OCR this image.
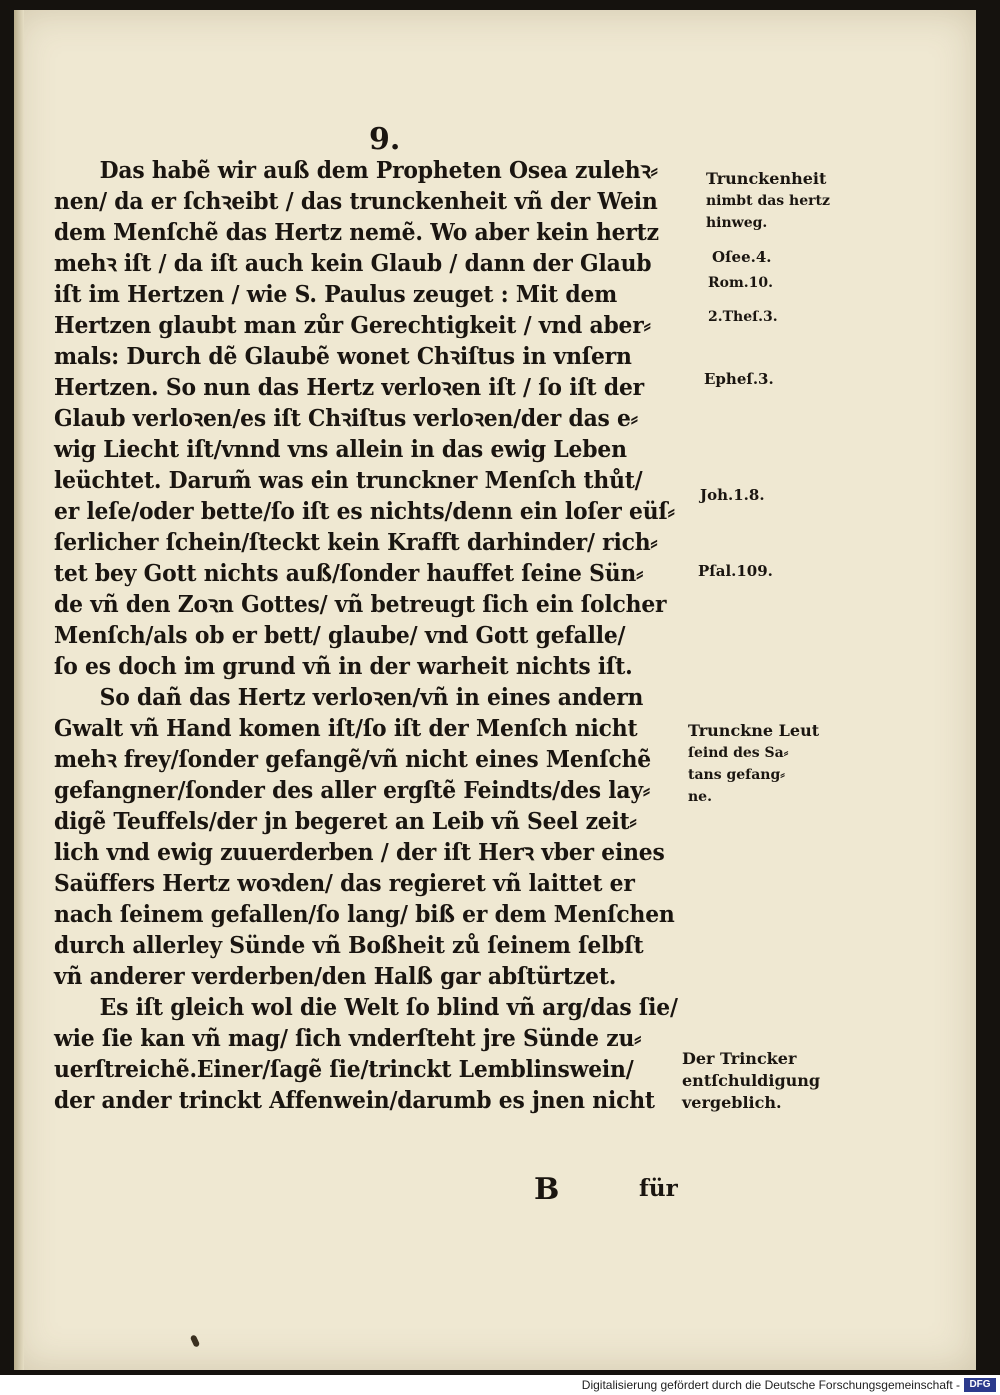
9.
Das habẽ wir auß dem Propheten Osea zulehꝛ⸗
nen/ da er ſchꝛeibt / das trunckenheit vñ der Wein
dem Menſchẽ das Hertz nemẽ. Wo aber kein hertz
mehꝛ iſt / da iſt auch kein Glaub / dann der Glaub
iſt im Hertzen / wie S. Paulus zeuget : Mit dem
Hertzen glaubt man zůr Gerechtigkeit / vnd aber⸗
mals: Durch dẽ Glaubẽ wonet Chꝛiſtus in vnſern
Hertzen. So nun das Hertz verloꝛen iſt / ſo iſt der
Glaub verloꝛen/es iſt Chꝛiſtus verloꝛen/der das e⸗
wig Liecht iſt/vnnd vns allein in das ewig Leben
leüchtet. Darum̃ was ein trunckner Menſch thůt/
er leſe/oder bette/ſo iſt es nichts/denn ein loſer eüſ⸗
ſerlicher ſchein/ſteckt kein Krafft darhinder/ rich⸗
tet bey Gott nichts auß/ſonder hauffet ſeine Sün⸗
de vñ den Zoꝛn Gottes/ vñ betreugt ſich ein ſolcher
Menſch/als ob er bett/ glaube/ vnd Gott gefalle/
ſo es doch im grund vñ in der warheit nichts iſt.
So dañ das Hertz verloꝛen/vñ in eines andern
Gwalt vñ Hand komen iſt/ſo iſt der Menſch nicht
mehꝛ frey/ſonder gefangẽ/vñ nicht eines Menſchẽ
gefangner/ſonder des aller ergſtẽ Feindts/des lay⸗
digẽ Teuffels/der jn begeret an Leib vñ Seel zeit⸗
lich vnd ewig zuuerderben / der iſt Herꝛ vber eines
Saüffers Hertz woꝛden/ das regieret vñ laittet er
nach ſeinem gefallen/ſo lang/ biß er dem Menſchen
durch allerley Sünde vñ Boßheit zů ſeinem ſelbſt
vñ anderer verderben/den Halß gar abſtürtzet.
Es iſt gleich wol die Welt ſo blind vñ arg/das ſie/
wie ſie kan vñ mag/ ſich vnderſteht jre Sünde zu⸗
uerſtreichẽ.Einer/ſagẽ ſie/trinckt Lemblinswein/
der ander trinckt Affenwein/darumb es jnen nicht
Trunckenheit
nimbt das hertz
hinweg.
Oſee.4.
Rom.10.
2.Theſ.3.
Epheſ.3.
Joh.1.8.
Pſal.109.
Trunckne Leut
ſeind des Sa⸗
tans gefang⸗
ne.
Der Trincker
entſchuldigung
vergeblich.
B	für
Digitalisierung gefördert durch die Deutsche Forschungsgemeinschaft - DFG
